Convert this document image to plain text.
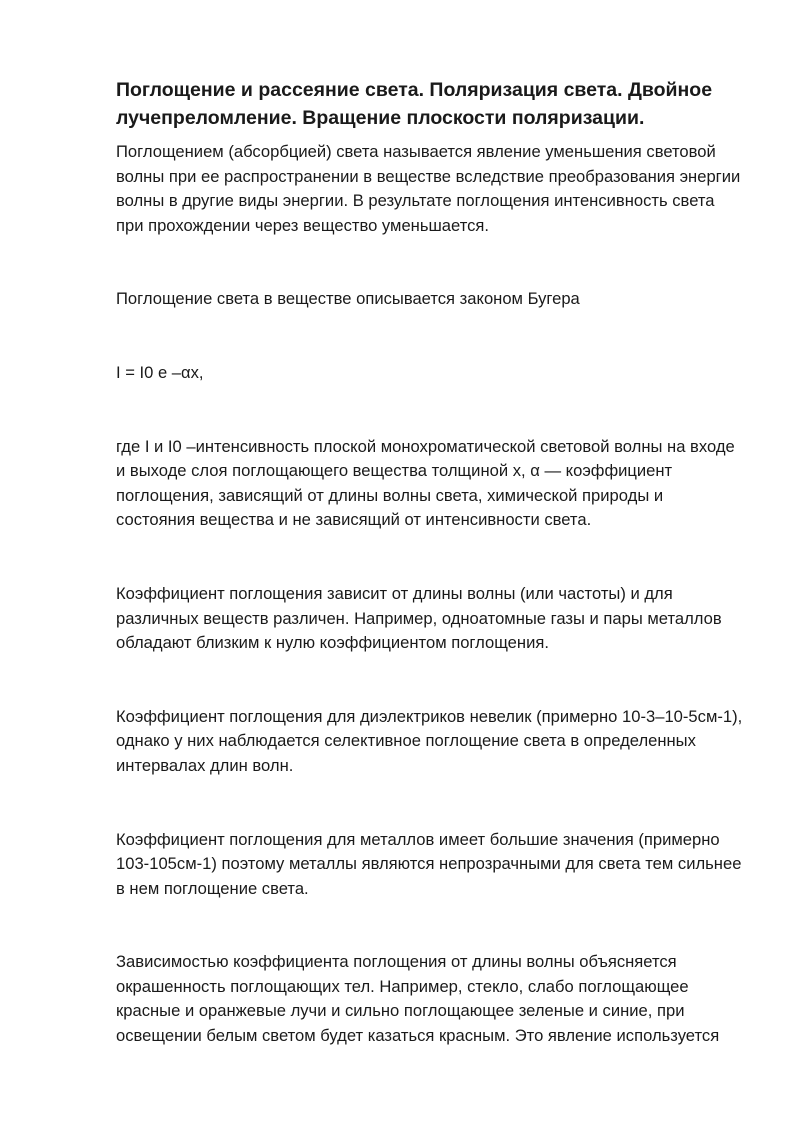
Поглощение и рассеяние света. Поляризация света. Двойное лучепреломление. Вращение плоскости поляризации.

Поглощением (абсорбцией) света называется явление уменьшения световой волны при ее распространении в веществе вследствие преобразования энергии волны в другие виды энергии. В результате поглощения интенсивность света при прохождении через вещество уменьшается.

Поглощение света в веществе описывается законом Бугера

I = I0 e –αx,

где I и I0 –интенсивность плоской монохроматической световой волны на входе и выходе слоя поглощающего вещества толщиной x, α — коэффициент поглощения, зависящий от длины волны света, химической природы и состояния вещества и не зависящий от интенсивности света.

Коэффициент поглощения зависит от длины волны (или частоты) и для различных веществ различен. Например, одноатомные газы и пары металлов обладают близким к нулю коэффициентом поглощения.

Коэффициент поглощения для диэлектриков невелик (примерно 10-3–10-5см-1), однако у них наблюдается селективное поглощение света в определенных интервалах длин волн.

Коэффициент поглощения для металлов имеет большие значения (примерно 103-105см-1) поэтому металлы являются непрозрачными для света тем сильнее в нем поглощение света.

Зависимостью коэффициента поглощения от длины волны объясняется окрашенность поглощающих тел. Например, стекло, слабо поглощающее красные и оранжевые лучи и сильно поглощающее зеленые и синие, при освещении белым светом будет казаться красным. Это явление используется
